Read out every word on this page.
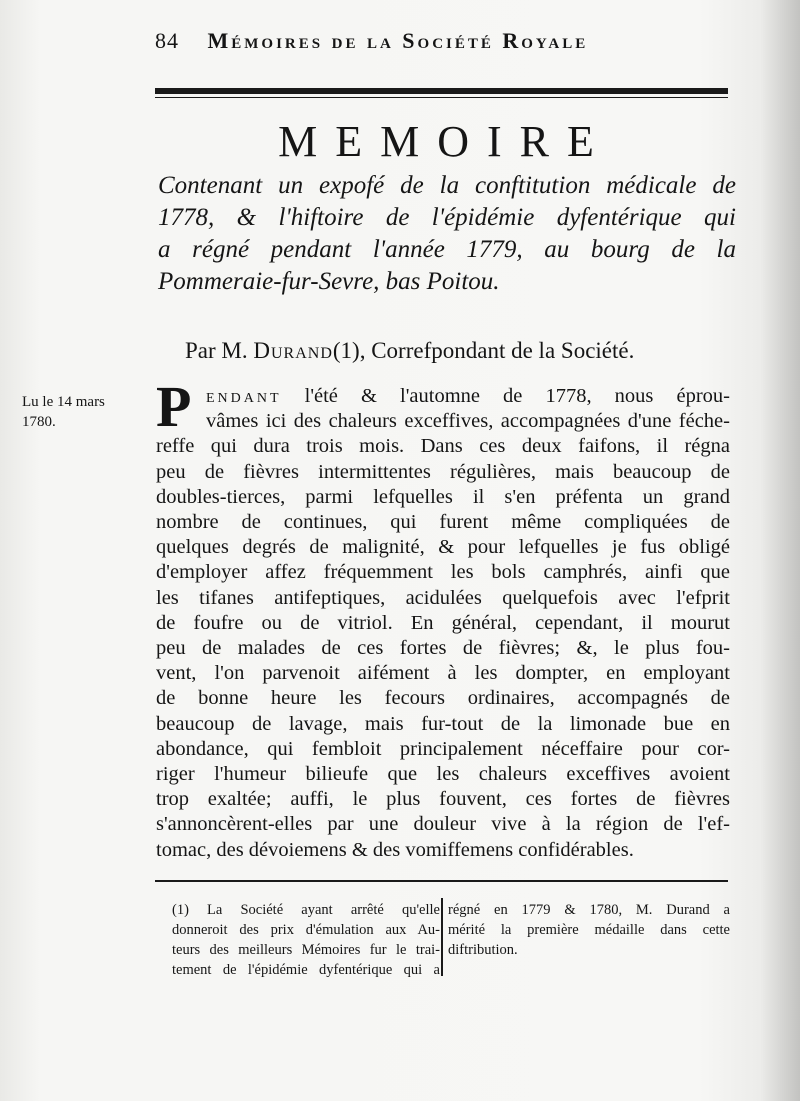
84 Mémoires de la Société Royale
MEMOIRE
Contenant un expofé de la conftitution médicale de
1778, & l'hiftoire de l'épidémie dyfentérique qui
a régné pendant l'année 1779, au bourg de la
Pommeraie-fur-Sevre, bas Poitou.
Par M. Durand(1), Correfpondant de la Société.
Lu le 14 mars
1780.	P endant l'été & l'automne de 1778, nous éprou-
vâmes ici des chaleurs exceffives, accompagnées d'une féche-
reffe qui dura trois mois. Dans ces deux faifons, il régna
peu de fièvres intermittentes régulières, mais beaucoup de
doubles-tierces, parmi lefquelles il s'en préfenta un grand
nombre de continues, qui furent même compliquées de
quelques degrés de malignité, & pour lefquelles je fus obligé
d'employer affez fréquemment les bols camphrés, ainfi que
les tifanes antifeptiques, acidulées quelquefois avec l'efprit
de foufre ou de vitriol. En général, cependant, il mourut
peu de malades de ces fortes de fièvres; &, le plus fou-
vent, l'on parvenoit aifément à les dompter, en employant
de bonne heure les fecours ordinaires, accompagnés de
beaucoup de lavage, mais fur-tout de la limonade bue en
abondance, qui fembloit principalement néceffaire pour cor-
riger l'humeur bilieufe que les chaleurs exceffives avoient
trop exaltée; auffi, le plus fouvent, ces fortes de fièvres
s'annoncèrent-elles par une douleur vive à la région de l'ef-
tomac, des dévoiemens & des vomiffemens confidérables.
(1) La Société ayant arrêté qu'elle
donneroit des prix d'émulation aux Au-
teurs des meilleurs Mémoires fur le trai-
tement de l'épidémie dyfentérique qui a
régné en 1779 & 1780, M. Durand a
mérité la première médaille dans cette
diftribution.
